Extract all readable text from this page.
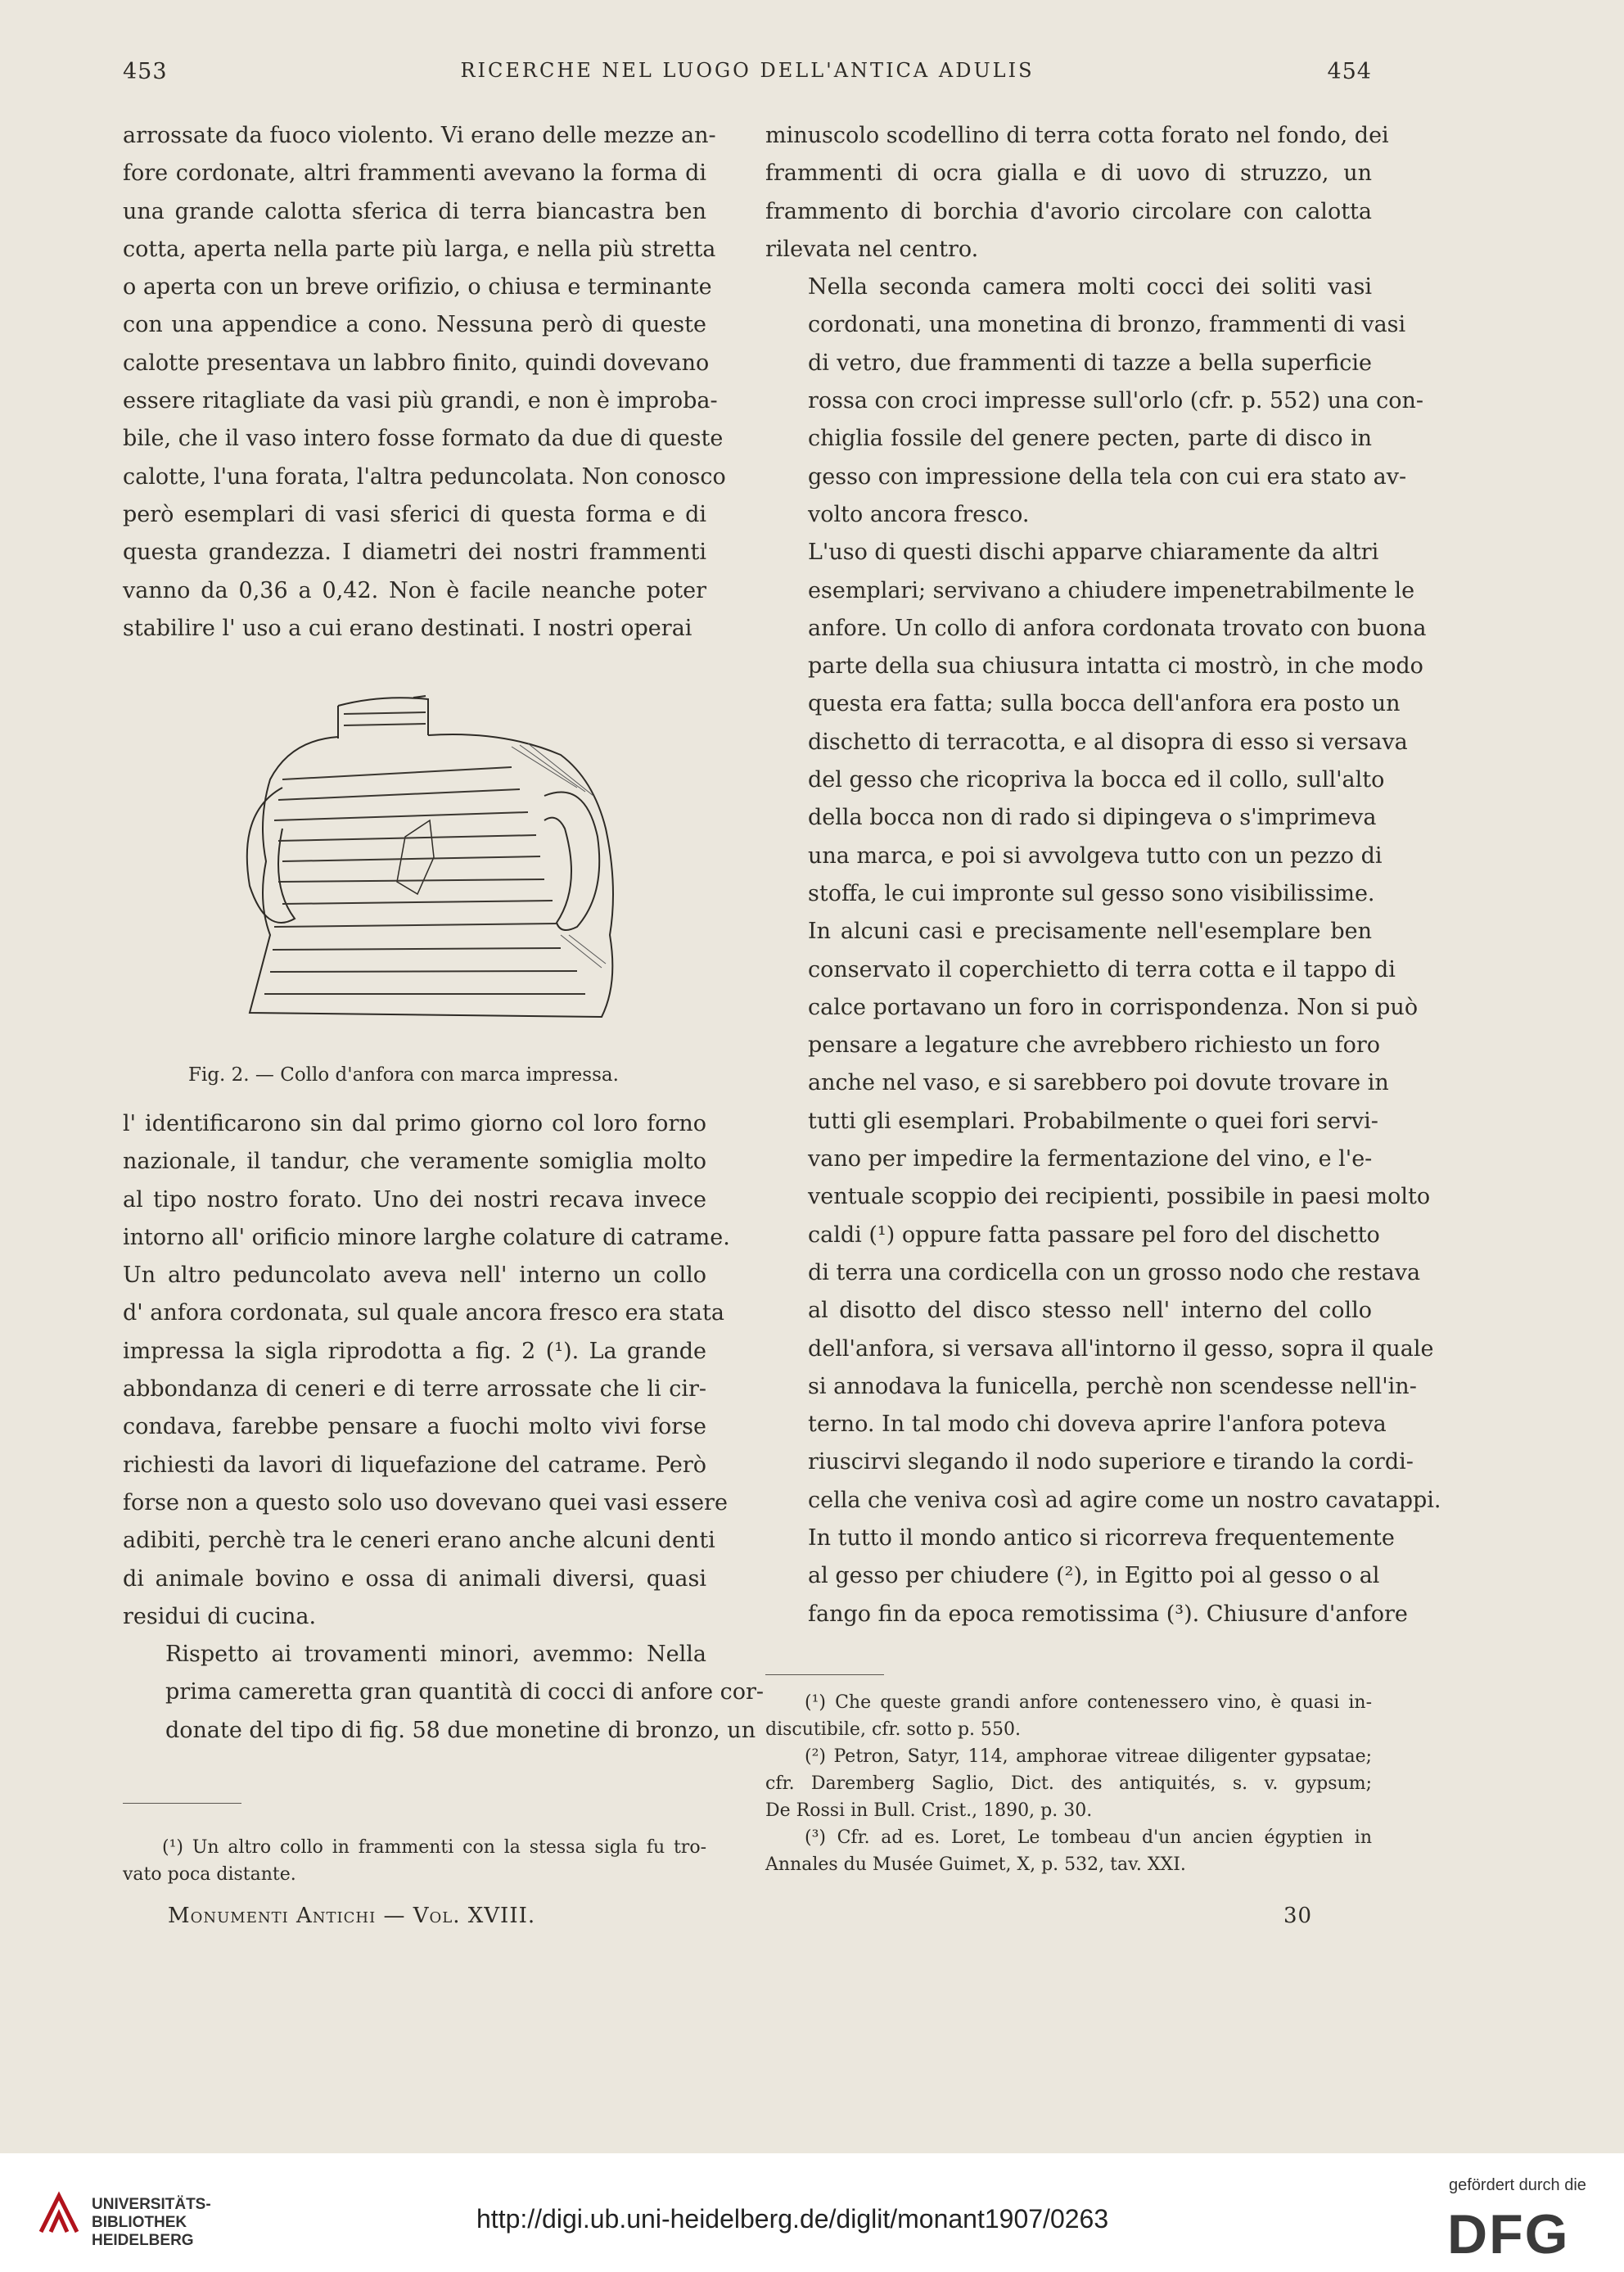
453	RICERCHE NEL LUOGO DELL'ANTICA ADULIS	454

arrossate da fuoco violento. Vi erano delle mezze an-
fore cordonate, altri frammenti avevano la forma di
una grande calotta sferica di terra biancastra ben
cotta, aperta nella parte più larga, e nella più stretta
o aperta con un breve orifizio, o chiusa e terminante
con una appendice a cono. Nessuna però di queste
calotte presentava un labbro finito, quindi dovevano
essere ritagliate da vasi più grandi, e non è improba-
bile, che il vaso intero fosse formato da due di queste
calotte, l'una forata, l'altra peduncolata. Non conosco
però esemplari di vasi sferici di questa forma e di
questa grandezza. I diametri dei nostri frammenti
vanno da 0,36 a 0,42. Non è facile neanche poter
stabilire l' uso a cui erano destinati. I nostri operai

Fig. 2. — Collo d'anfora con marca impressa.

l' identificarono sin dal primo giorno col loro forno
nazionale, il tandur, che veramente somiglia molto
al tipo nostro forato. Uno dei nostri recava invece
intorno all' orificio minore larghe colature di catrame.
Un altro peduncolato aveva nell' interno un collo
d' anfora cordonata, sul quale ancora fresco era stata
impressa la sigla riprodotta a fig. 2 (¹). La grande
abbondanza di ceneri e di terre arrossate che li cir-
condava, farebbe pensare a fuochi molto vivi forse
richiesti da lavori di liquefazione del catrame. Però
forse non a questo solo uso dovevano quei vasi essere
adibiti, perchè tra le ceneri erano anche alcuni denti
di animale bovino e ossa di animali diversi, quasi
residui di cucina.

Rispetto ai trovamenti minori, avemmo: Nella
prima cameretta gran quantità di cocci di anfore cor-
donate del tipo di fig. 58 due monetine di bronzo, un

(¹) Un altro collo in frammenti con la stessa sigla fu tro-
vato poca distante.

minuscolo scodellino di terra cotta forato nel fondo, dei
frammenti di ocra gialla e di uovo di struzzo, un
frammento di borchia d'avorio circolare con calotta
rilevata nel centro.

Nella seconda camera molti cocci dei soliti vasi
cordonati, una monetina di bronzo, frammenti di vasi
di vetro, due frammenti di tazze a bella superficie
rossa con croci impresse sull'orlo (cfr. p. 552) una con-
chiglia fossile del genere pecten, parte di disco in
gesso con impressione della tela con cui era stato av-
volto ancora fresco.

L'uso di questi dischi apparve chiaramente da altri
esemplari; servivano a chiudere impenetrabilmente le
anfore. Un collo di anfora cordonata trovato con buona
parte della sua chiusura intatta ci mostrò, in che modo
questa era fatta; sulla bocca dell'anfora era posto un
dischetto di terracotta, e al disopra di esso si versava
del gesso che ricopriva la bocca ed il collo, sull'alto
della bocca non di rado si dipingeva o s'imprimeva
una marca, e poi si avvolgeva tutto con un pezzo di
stoffa, le cui impronte sul gesso sono visibilissime.

In alcuni casi e precisamente nell'esemplare ben
conservato il coperchietto di terra cotta e il tappo di
calce portavano un foro in corrispondenza. Non si può
pensare a legature che avrebbero richiesto un foro
anche nel vaso, e si sarebbero poi dovute trovare in
tutti gli esemplari. Probabilmente o quei fori servi-
vano per impedire la fermentazione del vino, e l'e-
ventuale scoppio dei recipienti, possibile in paesi molto
caldi (¹) oppure fatta passare pel foro del dischetto
di terra una cordicella con un grosso nodo che restava
al disotto del disco stesso nell' interno del collo
dell'anfora, si versava all'intorno il gesso, sopra il quale
si annodava la funicella, perchè non scendesse nell'in-
terno. In tal modo chi doveva aprire l'anfora poteva
riuscirvi slegando il nodo superiore e tirando la cordi-
cella che veniva così ad agire come un nostro cavatappi.
In tutto il mondo antico si ricorreva frequentemente
al gesso per chiudere (²), in Egitto poi al gesso o al
fango fin da epoca remotissima (³). Chiusure d'anfore

(¹) Che queste grandi anfore contenessero vino, è quasi in-
discutibile, cfr. sotto p. 550.
(²) Petron, Satyr, 114, amphorae vitreae diligenter gypsatae;
cfr. Daremberg Saglio, Dict. des antiquités, s. v. gypsum;
De Rossi in Bull. Crist., 1890, p. 30.
(³) Cfr. ad es. Loret, Le tombeau d'un ancien égyptien in
Annales du Musée Guimet, X, p. 532, tav. XXI.
Monumenti Antichi — Vol. XVIII.	30
UNIVERSITÄTS-
BIBLIOTHEK
HEIDELBERG
http://digi.ub.uni-heidelberg.de/diglit/monant1907/0263
gefördert durch die
DFG
